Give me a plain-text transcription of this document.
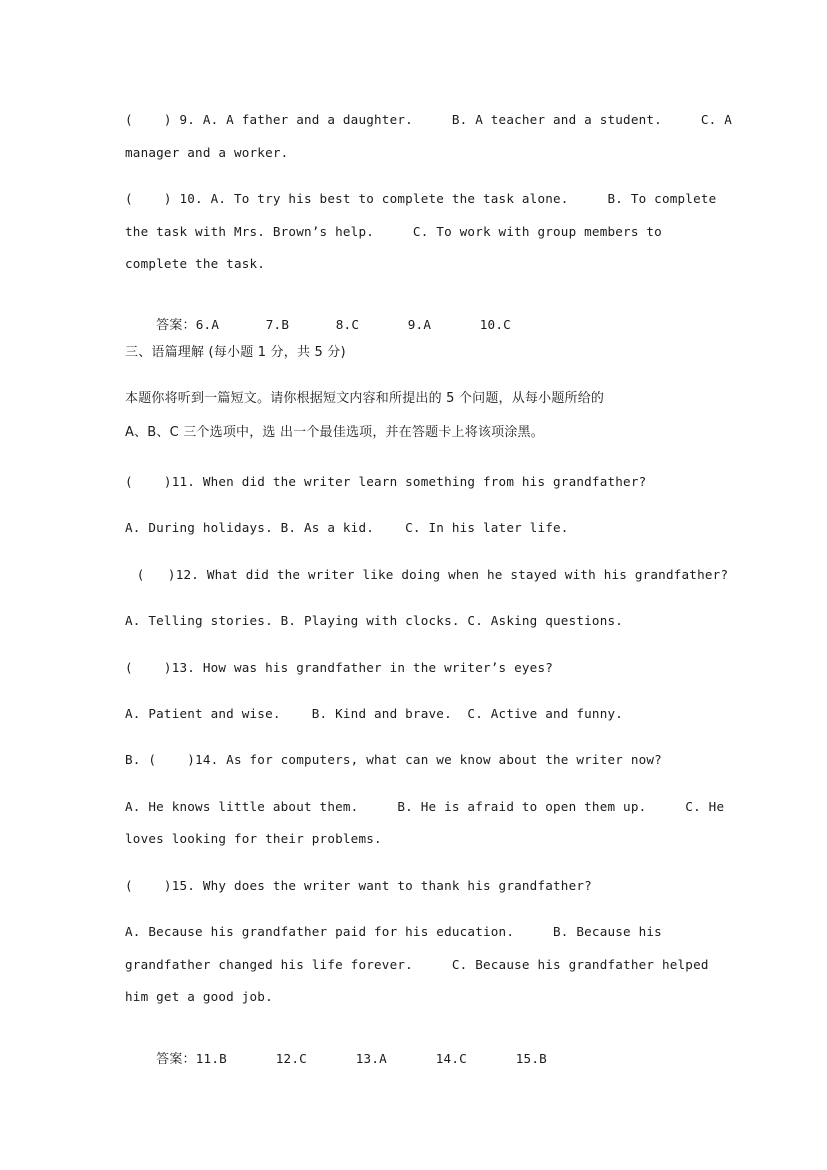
(    ) 9. A. A father and a daughter.     B. A teacher and a student.     C. A
manager and a worker.
(    ) 10. A. To try his best to complete the task alone.     B. To complete
the task with Mrs. Brown’s help.     C. To work with group members to
complete the task.

答案：6.A	7.B	8.C	9.A	10.C

三、语篇理解 (每小题 1 分，共 5 分)
本题你将听到一篇短文。请你根据短文内容和所提出的 5 个问题，从每小题所给的
A、B、C 三个选项中，选 出一个最佳选项，并在答题卡上将该项涂黑。
(    )11. When did the writer learn something from his grandfather?
A. During holidays. B. As a kid.    C. In his later life.
(   )12. What did the writer like doing when he stayed with his grandfather?
A. Telling stories. B. Playing with clocks. C. Asking questions.
(    )13. How was his grandfather in the writer’s eyes?
A. Patient and wise.    B. Kind and brave.  C. Active and funny.
B. (    )14. As for computers, what can we know about the writer now?
A. He knows little about them.     B. He is afraid to open them up.     C. He
loves looking for their problems.
(    )15. Why does the writer want to thank his grandfather?
A. Because his grandfather paid for his education.     B. Because his
grandfather changed his life forever.     C. Because his grandfather helped
him get a good job.

答案：11.B	12.C	13.A	14.C	15.B
